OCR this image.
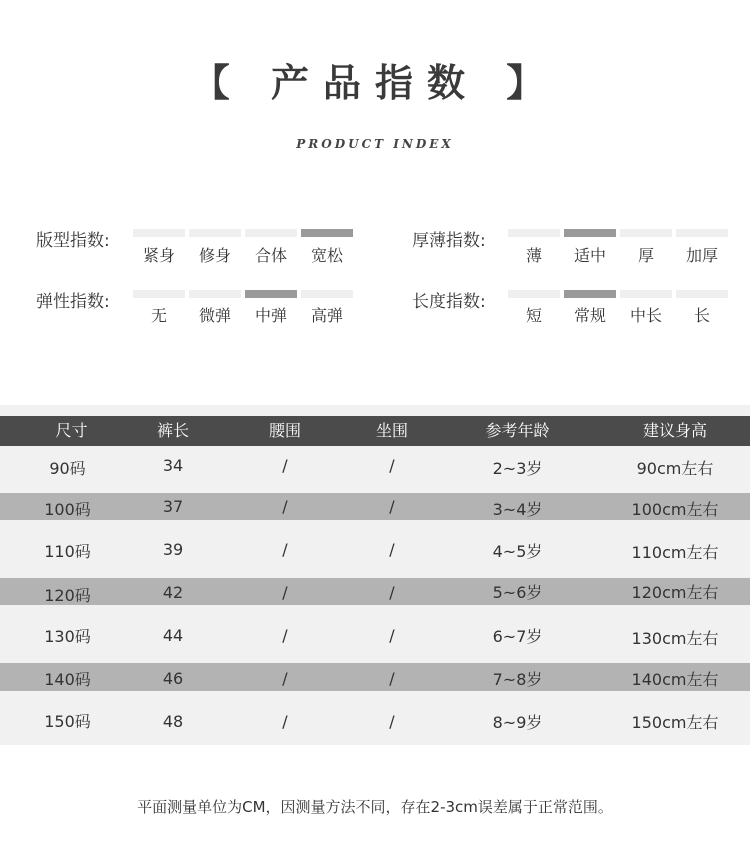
【 产品指数 】
PRODUCT INDEX
版型指数:
紧身	修身	合体	宽松
厚薄指数:
薄	适中	厚	加厚
弹性指数:
无	微弹	中弹	高弹
长度指数:
短	常规	中长	长
尺寸	裤长	腰围	坐围	参考年龄	建议身高
90码	34	/	/	2~3岁	90cm左右
100码	37	/	/	3~4岁	100cm左右
110码	39	/	/	4~5岁	110cm左右
120码	42	/	/	5~6岁	120cm左右
130码	44	/	/	6~7岁	130cm左右
140码	46	/	/	7~8岁	140cm左右
150码	48	/	/	8~9岁	150cm左右
平面测量单位为CM，因测量方法不同，存在2-3cm误差属于正常范围。
